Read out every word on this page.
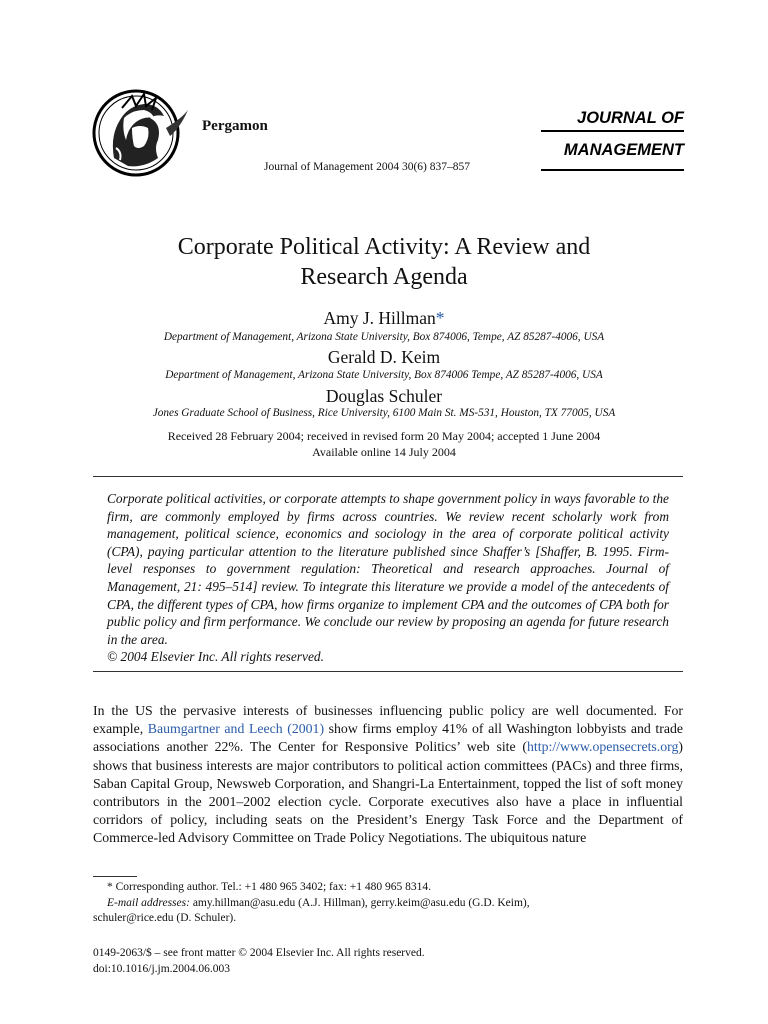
Pergamon
Journal of Management 2004 30(6) 837–857
JOURNAL OF
MANAGEMENT
Corporate Political Activity: A Review and
Research Agenda
Amy J. Hillman*
Department of Management, Arizona State University, Box 874006, Tempe, AZ 85287-4006, USA
Gerald D. Keim
Department of Management, Arizona State University, Box 874006 Tempe, AZ 85287-4006, USA
Douglas Schuler
Jones Graduate School of Business, Rice University, 6100 Main St. MS-531, Houston, TX 77005, USA
Received 28 February 2004; received in revised form 20 May 2004; accepted 1 June 2004
Available online 14 July 2004

Corporate political activities, or corporate attempts to shape government policy in ways favorable to the firm, are commonly employed by firms across countries. We review recent scholarly work from management, political science, economics and sociology in the area of corporate political activity (CPA), paying particular attention to the literature published since Shaffer’s [Shaffer, B. 1995. Firm-level responses to government regulation: Theoretical and research approaches. Journal of Management, 21: 495–514] review. To integrate this literature we provide a model of the antecedents of CPA, the different types of CPA, how firms organize to implement CPA and the outcomes of CPA both for public policy and firm performance. We conclude our review by proposing an agenda for future research in the area.

© 2004 Elsevier Inc. All rights reserved.

In the US the pervasive interests of businesses influencing public policy are well documented. For example, Baumgartner and Leech (2001) show firms employ 41% of all Washington lobbyists and trade associations another 22%. The Center for Responsive Politics’ web site (http://www.opensecrets.org) shows that business interests are major contributors to political action committees (PACs) and three firms, Saban Capital Group, Newsweb Corporation, and Shangri-La Entertainment, topped the list of soft money contributors in the 2001–2002 election cycle. Corporate executives also have a place in influential corridors of policy, including seats on the President’s Energy Task Force and the Department of Commerce-led Advisory Committee on Trade Policy Negotiations. The ubiquitous nature

* Corresponding author. Tel.: +1 480 965 3402; fax: +1 480 965 8314.

E-mail addresses: amy.hillman@asu.edu (A.J. Hillman), gerry.keim@asu.edu (G.D. Keim),

schuler@rice.edu (D. Schuler).

0149-2063/$ – see front matter © 2004 Elsevier Inc. All rights reserved.

doi:10.1016/j.jm.2004.06.003
